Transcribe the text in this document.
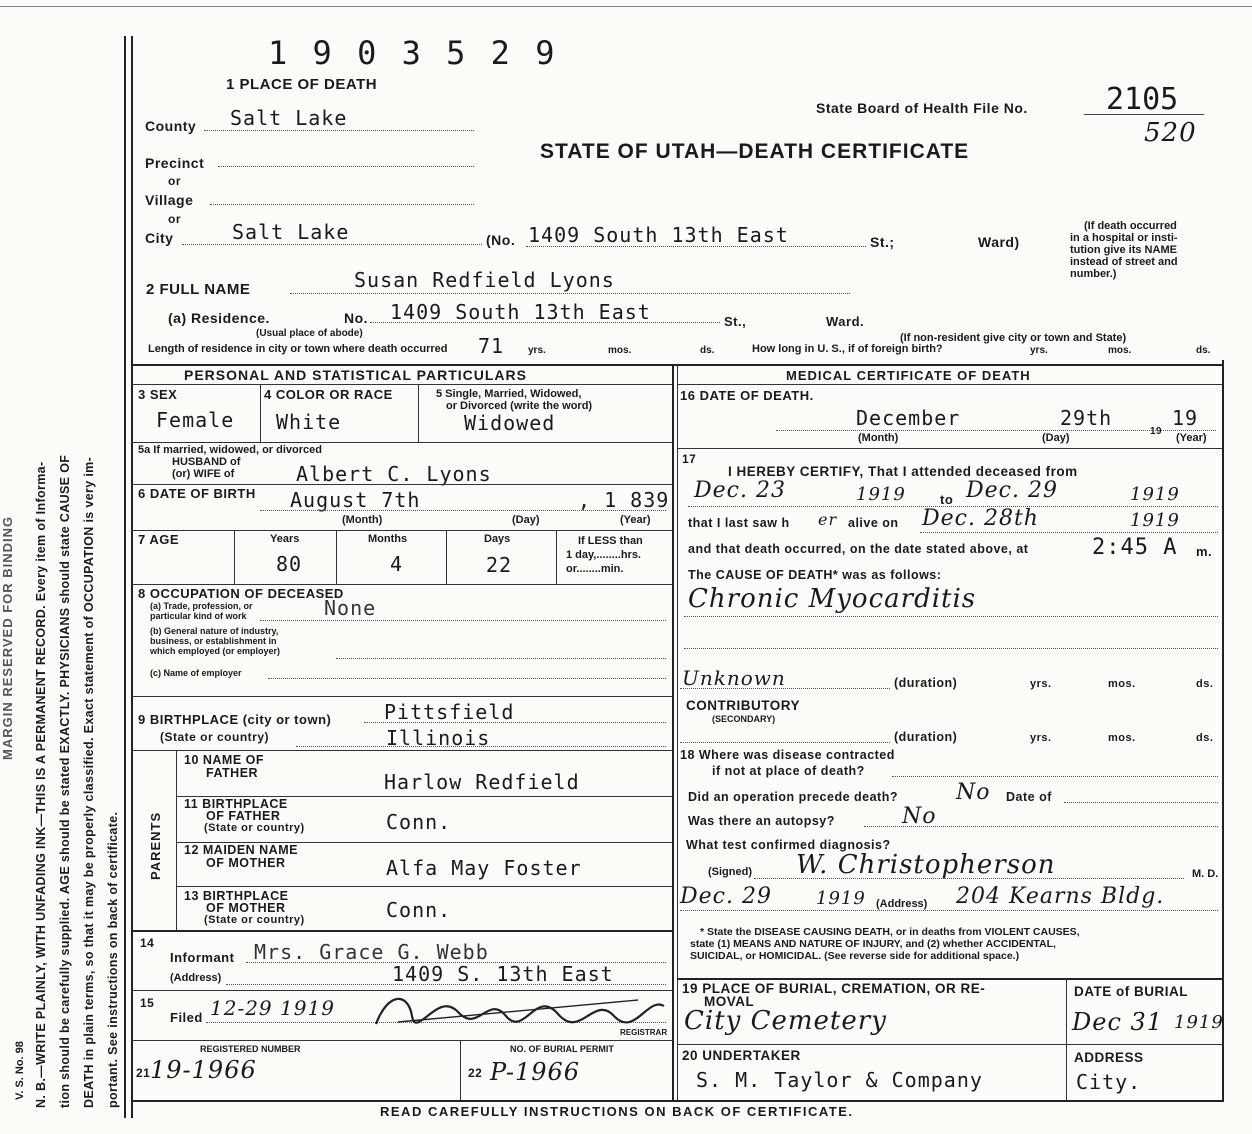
V. S. No. 98 N. B.—WRITE PLAINLY, WITH UNFADING INK—THIS IS A PERMANENT RECORD. Every item of Informa- tion should be carefully supplied. AGE should be stated EXACTLY. PHYSICIANS should state CAUSE OF DEATH in plain terms, so that it may be properly classified. Exact statement of OCCUPATION is very im- portant. See instructions on back of certificate.
MARGIN RESERVED FOR BINDING
1 9 0 3 5 2 9
1 PLACE OF DEATH
State Board of Health File No.	2105
520
STATE OF UTAH—DEATH CERTIFICATE
County Salt Lake
Precinct
or
Village
or
City	Salt Lake	(No. 1409 South 13th East	St.;	Ward)
(If death occurred
in a hospital or insti-
tution give its NAME
instead of street and
number.)
2 FULL NAME	Susan Redfield Lyons
(a) Residence.	No. 1409 South 13th East	St.,	Ward.
(Usual place of abode)	(If non-resident give city or town and State)
Length of residence in city or town where death occurred 71 yrs.	mos.	ds.	How long in U. S., if of foreign birth?	yrs.	mos.	ds.
PERSONAL AND STATISTICAL PARTICULARS	MEDICAL CERTIFICATE OF DEATH
3 SEX
Female
4 COLOR OR RACE
White
5 Single, Married, Widowed,
or Divorced (write the word)
Widowed
5a If married, widowed, or divorced
HUSBAND of
(or) WIFE of	Albert C. Lyons
6 DATE OF BIRTH August 7th	, 1 839
(Month)	(Day)	(Year)
7 AGE	Years	Months	Days
80	4	22
If LESS than
1 day,........hrs.
or........min.
8 OCCUPATION OF DECEASED
(a) Trade, profession, or
particular kind of work	None
(b) General nature of industry,
business, or establishment in
which employed (or employer)
(c) Name of employer
9 BIRTHPLACE (city or town)	Pittsfield
(State or country)	Illinois
PARENTS
10 NAME OF
FATHER	Harlow Redfield
11 BIRTHPLACE
OF FATHER
(State or country)	Conn.
12 MAIDEN NAME
OF MOTHER	Alfa May Foster
13 BIRTHPLACE
OF MOTHER
(State or country)	Conn.
14
Informant Mrs. Grace G. Webb
(Address)	1409 S. 13th East
15
Filed 12-29 1919
REGISTRAR
REGISTERED NUMBER	NO. OF BURIAL PERMIT
21 19-1966	22 P-1966
16 DATE OF DEATH.
December	29th
19
19
(Month)	(Day)	(Year)
17
I HEREBY CERTIFY, That I attended deceased from
Dec. 23	1919	to Dec. 29	1919
that I last saw h er alive on Dec. 28th	1919
and that death occurred, on the date stated above, at	2:45 A m.
The CAUSE OF DEATH* was as follows:
Chronic Myocarditis
Unknown	(duration)	yrs.	mos.	ds.
CONTRIBUTORY
(SECONDARY)
(duration)	yrs.	mos.	ds.
18 Where was disease contracted
if not at place of death?
Did an operation precede death?	No Date of
Was there an autopsy?	No
What test confirmed diagnosis?
(Signed) W. Christopherson	M. D.
Dec. 29 1919 (Address) 204 Kearns Bldg.
* State the DISEASE CAUSING DEATH, or in deaths from VIOLENT CAUSES,
state (1) MEANS AND NATURE OF INJURY, and (2) whether ACCIDENTAL,
SUICIDAL, or HOMICIDAL. (See reverse side for additional space.)
19 PLACE OF BURIAL, CREMATION, OR RE-
MOVAL
City Cemetery
DATE of BURIAL
Dec 31 1919
20 UNDERTAKER
S. M. Taylor & Company
ADDRESS
City.
READ CAREFULLY INSTRUCTIONS ON BACK OF CERTIFICATE.
